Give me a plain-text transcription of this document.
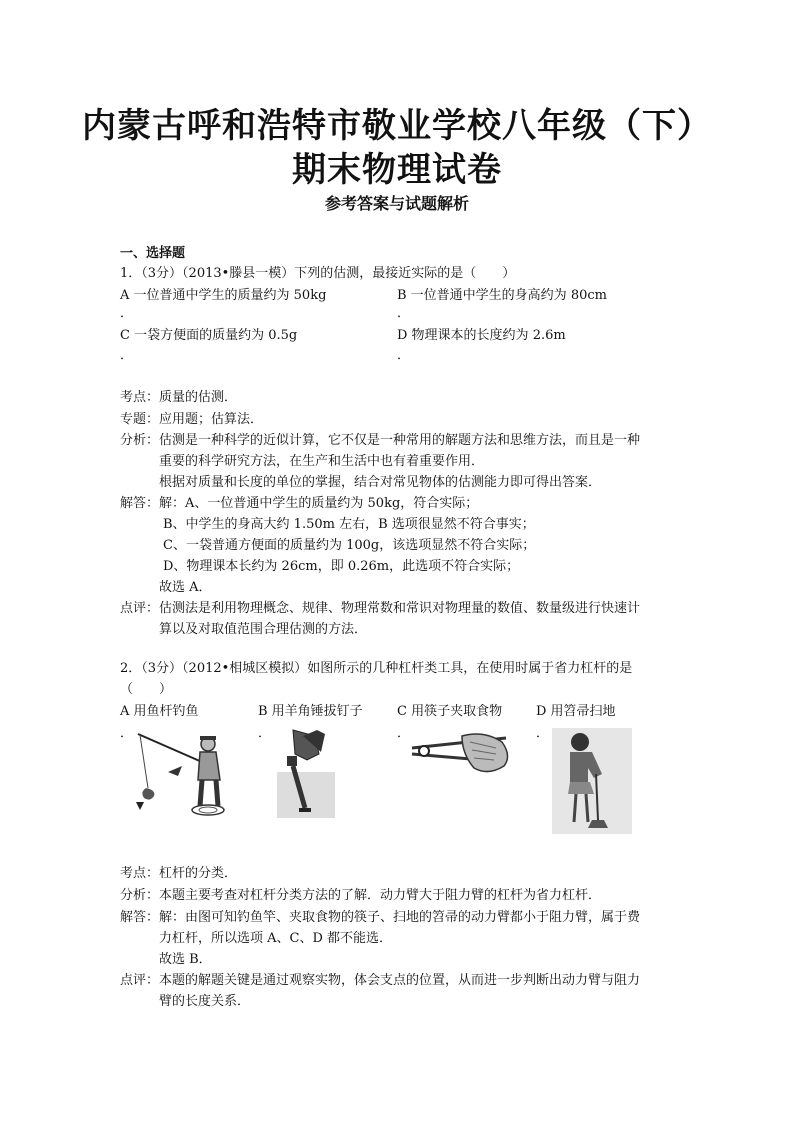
内蒙古呼和浩特市敬业学校八年级（下）
期末物理试卷
参考答案与试题解析
一、选择题
1．（3分）（2013•滕县一模）下列的估测，最接近实际的是（　　）
A 一位普通中学生的质量约为 50kg	B 一位普通中学生的身高约为 80cm
．	．
C 一袋方便面的质量约为 0.5g	D 物理课本的长度约为 2.6m
．	．
考点： 质量的估测．
专题： 应用题；估算法．
分析： 估测是一种科学的近似计算，它不仅是一种常用的解题方法和思维方法，而且是一种
重要的科学研究方法，在生产和生活中也有着重要作用．
根据对质量和长度的单位的掌握，结合对常见物体的估测能力即可得出答案．
解答： 解：A、一位普通中学生的质量约为 50kg，符合实际；
B、中学生的身高大约 1.50m 左右，B 选项很显然不符合事实；
C、一袋普通方便面的质量约为 100g，该选项显然不符合实际；
D、物理课本长约为 26cm，即 0.26m，此选项不符合实际；
故选 A．
点评： 估测法是利用物理概念、规律、物理常数和常识对物理量的数值、数量级进行快速计
算以及对取值范围合理估测的方法．
2．（3分）（2012•相城区模拟）如图所示的几种杠杆类工具，在使用时属于省力杠杆的是
（　　）
A 用鱼杆钓鱼	B 用羊角锤拔钉子	C 用筷子夹取食物	D 用笤帚扫地
．	．	．	．
考点： 杠杆的分类．
分析： 本题主要考查对杠杆分类方法的了解．动力臂大于阻力臂的杠杆为省力杠杆．
解答： 解：由图可知钓鱼竿、夹取食物的筷子、扫地的笤帚的动力臂都小于阻力臂，属于费
力杠杆，所以选项 A、C、D 都不能选．
故选 B．
点评： 本题的解题关键是通过观察实物，体会支点的位置，从而进一步判断出动力臂与阻力
臂的长度关系．
